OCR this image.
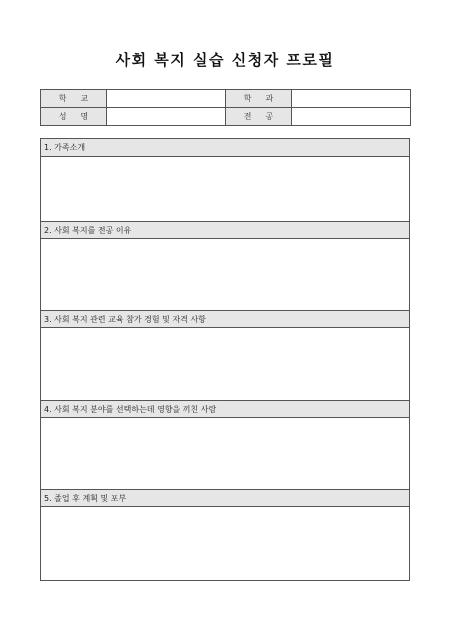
사회 복지 실습 신청자 프로필
학교		학과	
성명		전공	
1. 가족소개
2. 사회 복지를 전공 이유
3. 사회 복지 관련 교육 참가 경험 및 자격 사항
4. 사회 복지 분야를 선택하는데 영향을 끼친 사람
5. 졸업 후 계획 및 포부
